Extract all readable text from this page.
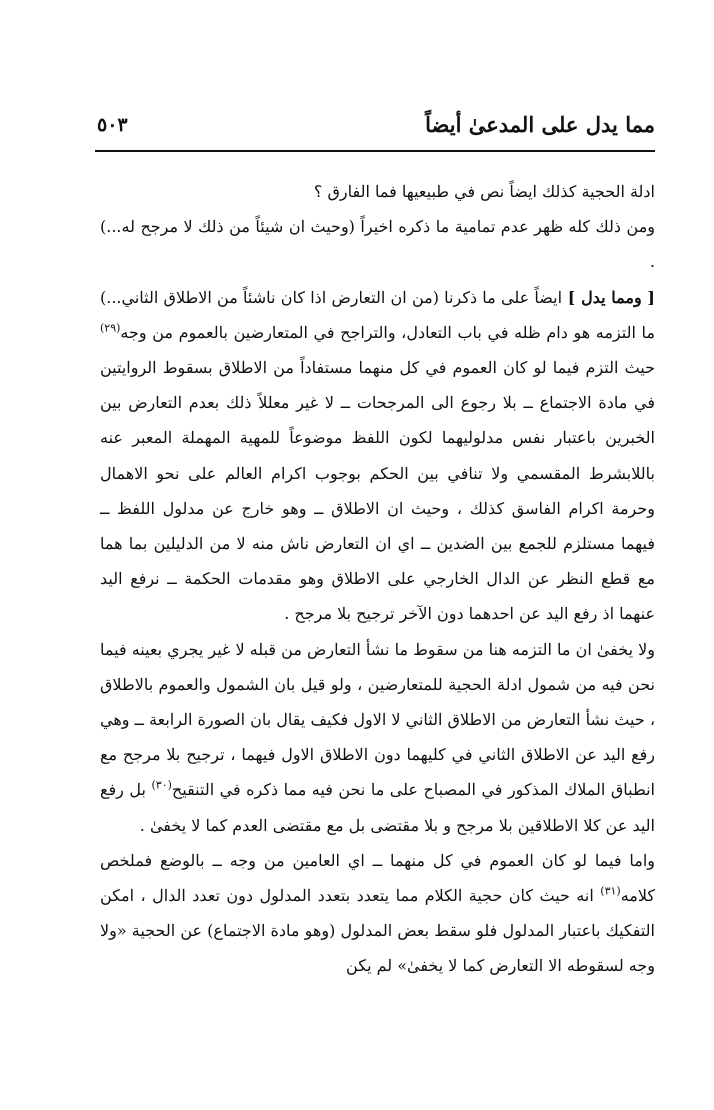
مما يدل على المدعىٰ أيضاً
٥٠٣

ادلة الحجية كذلك ايضاً نص في طبيعيها فما الفارق ؟

ومن ذلك كله ظهر عدم تمامية ما ذكره اخيراً (وحيث ان شيئاً من ذلك لا مرجح له...) .

[ ومما يدل ] ايضاً على ما ذكرنا (من ان التعارض اذا كان ناشئاً من الاطلاق الثاني...) ما التزمه هو دام ظله في باب التعادل، والتراجح في المتعارضين بالعموم من وجه$^{(٢٩)}$ حيث التزم فيما لو كان العموم في كل منهما مستفاداً من الاطلاق بسقوط الروايتين في مادة الاجتماع ــ بلا رجوع الى المرجحات ــ لا غير معللاً ذلك بعدم التعارض بين الخبرين باعتبار نفس مدلوليهما لكون اللفظ موضوعاً للمهية المهملة المعبر عنه باللابشرط المقسمي ولا تنافي بين الحكم بوجوب اكرام العالم على نحو الاهمال وحرمة اكرام الفاسق كذلك ، وحيث ان الاطلاق ــ وهو خارج عن مدلول اللفظ ــ فيهما مستلزم للجمع بين الضدين ــ اي ان التعارض ناش منه لا من الدليلين بما هما مع قطع النظر عن الدال الخارجي على الاطلاق وهو مقدمات الحكمة ــ نرفع اليد عنهما اذ رفع اليد عن احدهما دون الآخر ترجيح بلا مرجح .

ولا يخفىٰ ان ما التزمه هنا من سقوط ما نشأ التعارض من قبله لا غير يجري بعينه فيما نحن فيه من شمول ادلة الحجية للمتعارضين ، ولو قيل بان الشمول والعموم بالاطلاق ، حيث نشأ التعارض من الاطلاق الثاني لا الاول فكيف يقال بان الصورة الرابعة ــ وهي رفع اليد عن الاطلاق الثاني في كليهما دون الاطلاق الاول فيهما ، ترجيح بلا مرجح مع انطباق الملاك المذكور في المصباح على ما نحن فيه مما ذكره في التنقيح$^{(٣٠)}$ بل رفع اليد عن كلا الاطلاقين بلا مرجح و بلا مقتضى بل مع مقتضى العدم كما لا يخفىٰ .

واما فيما لو كان العموم في كل منهما ــ اي العامين من وجه ــ بالوضع فملخص كلامه$^{(٣١)}$ انه حيث كان حجية الكلام مما يتعدد بتعدد المدلول دون تعدد الدال ، امكن التفكيك باعتبار المدلول فلو سقط بعض المدلول (وهو مادة الاجتماع) عن الحجية «ولا وجه لسقوطه الا التعارض كما لا يخفىٰ» لم يكن
